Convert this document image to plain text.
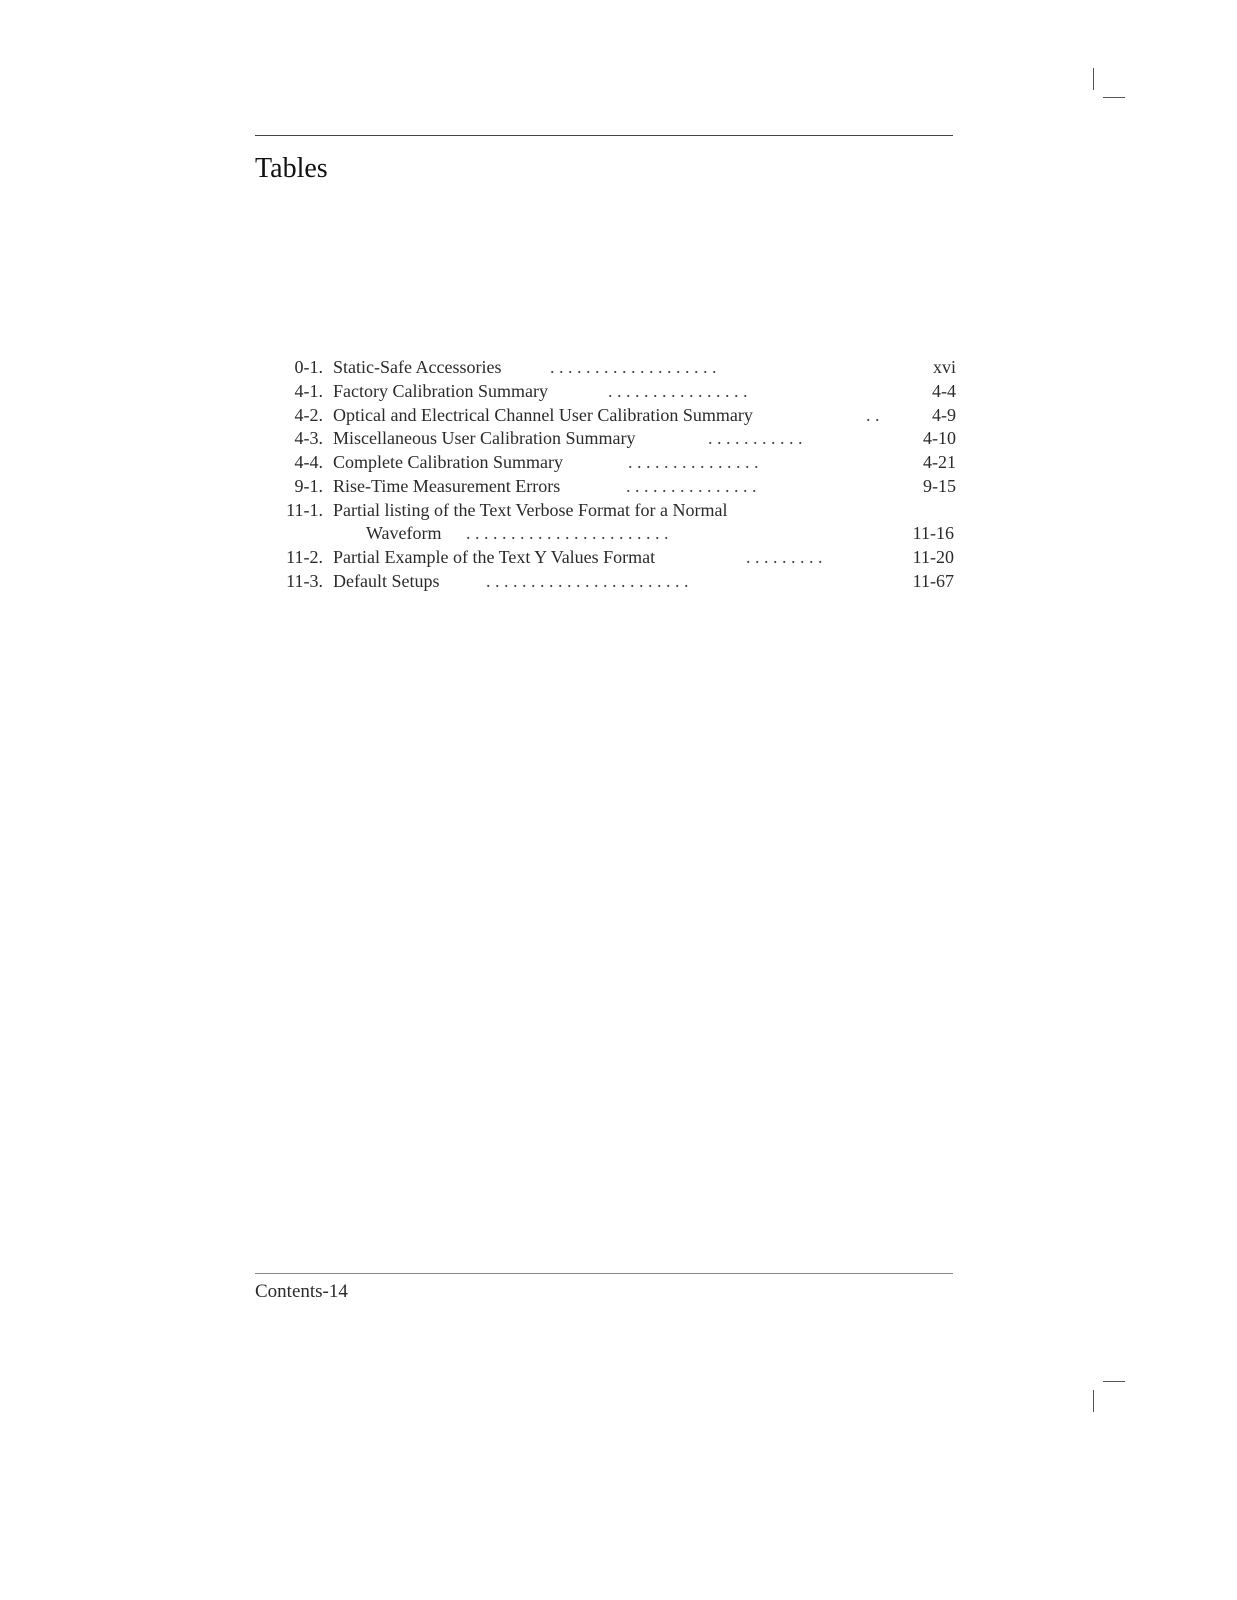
Tables
0-1. Static-Safe Accessories	. . . . . . . . . . . . . . . . . . .	xvi
4-1. Factory Calibration Summary	. . . . . . . . . . . . . . . .	4-4
4-2. Optical and Electrical Channel User Calibration Summary	. .	4-9
4-3. Miscellaneous User Calibration Summary	. . . . . . . . . . .	4-10
4-4. Complete Calibration Summary	. . . . . . . . . . . . . . .	4-21
9-1. Rise-Time Measurement Errors	. . . . . . . . . . . . . . .	9-15
11-1. Partial listing of the Text Verbose Format for a Normal
Waveform . . . . . . . . . . . . . . . . . . . . . . .	11-16
11-2. Partial Example of the Text Y Values Format	. . . . . . . . .	11-20
11-3. Default Setups	. . . . . . . . . . . . . . . . . . . . . . .	11-67
Contents-14
